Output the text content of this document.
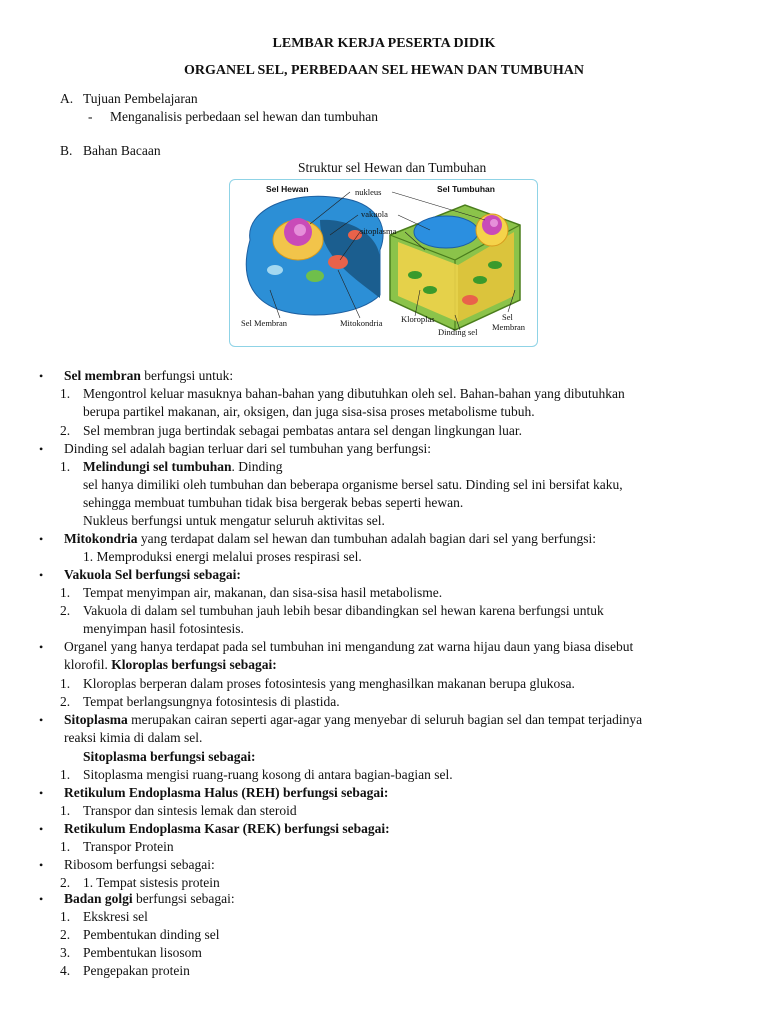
LEMBAR KERJA PESERTA DIDIK
ORGANEL SEL, PERBEDAAN SEL HEWAN DAN TUMBUHAN
A. Tujuan Pembelajaran
- Menganalisis perbedaan sel hewan dan tumbuhan
B. Bahan Bacaan
Struktur sel Hewan dan Tumbuhan
Sel Hewan	Sel Tumbuhan
nukleus
vakuola
sitoplasma
Sel Membran	Mitokondria Kloroplas
Dinding sel
Sel
Membran
• Sel membran berfungsi untuk:
1. Mengontrol keluar masuknya bahan-bahan yang dibutuhkan oleh sel. Bahan-bahan yang dibutuhkan
berupa partikel makanan, air, oksigen, dan juga sisa-sisa proses metabolisme tubuh.
2. Sel membran juga bertindak sebagai pembatas antara sel dengan lingkungan luar.
• Dinding sel adalah bagian terluar dari sel tumbuhan yang berfungsi:
1. Melindungi sel tumbuhan. Dinding
sel hanya dimiliki oleh tumbuhan dan beberapa organisme bersel satu. Dinding sel ini bersifat kaku,
sehingga membuat tumbuhan tidak bisa bergerak bebas seperti hewan.
Nukleus berfungsi untuk mengatur seluruh aktivitas sel.
• Mitokondria yang terdapat dalam sel hewan dan tumbuhan adalah bagian dari sel yang berfungsi:
1. Memproduksi energi melalui proses respirasi sel.
• Vakuola Sel berfungsi sebagai:
1. Tempat menyimpan air, makanan, dan sisa-sisa hasil metabolisme.
2. Vakuola di dalam sel tumbuhan jauh lebih besar dibandingkan sel hewan karena berfungsi untuk
menyimpan hasil fotosintesis.
• Organel yang hanya terdapat pada sel tumbuhan ini mengandung zat warna hijau daun yang biasa disebut
klorofil. Kloroplas berfungsi sebagai:
1. Kloroplas berperan dalam proses fotosintesis yang menghasilkan makanan berupa glukosa.
2. Tempat berlangsungnya fotosintesis di plastida.
• Sitoplasma merupakan cairan seperti agar-agar yang menyebar di seluruh bagian sel dan tempat terjadinya
reaksi kimia di dalam sel.
Sitoplasma berfungsi sebagai:
1. Sitoplasma mengisi ruang-ruang kosong di antara bagian-bagian sel.
• Retikulum Endoplasma Halus (REH) berfungsi sebagai:
1. Transpor dan sintesis lemak dan steroid
• Retikulum Endoplasma Kasar (REK) berfungsi sebagai:
1. Transpor Protein
• Ribosom berfungsi sebagai:
2. 1. Tempat sistesis protein
• Badan golgi berfungsi sebagai:
1. Ekskresi sel
2. Pembentukan dinding sel
3. Pembentukan lisosom
4. Pengepakan protein
